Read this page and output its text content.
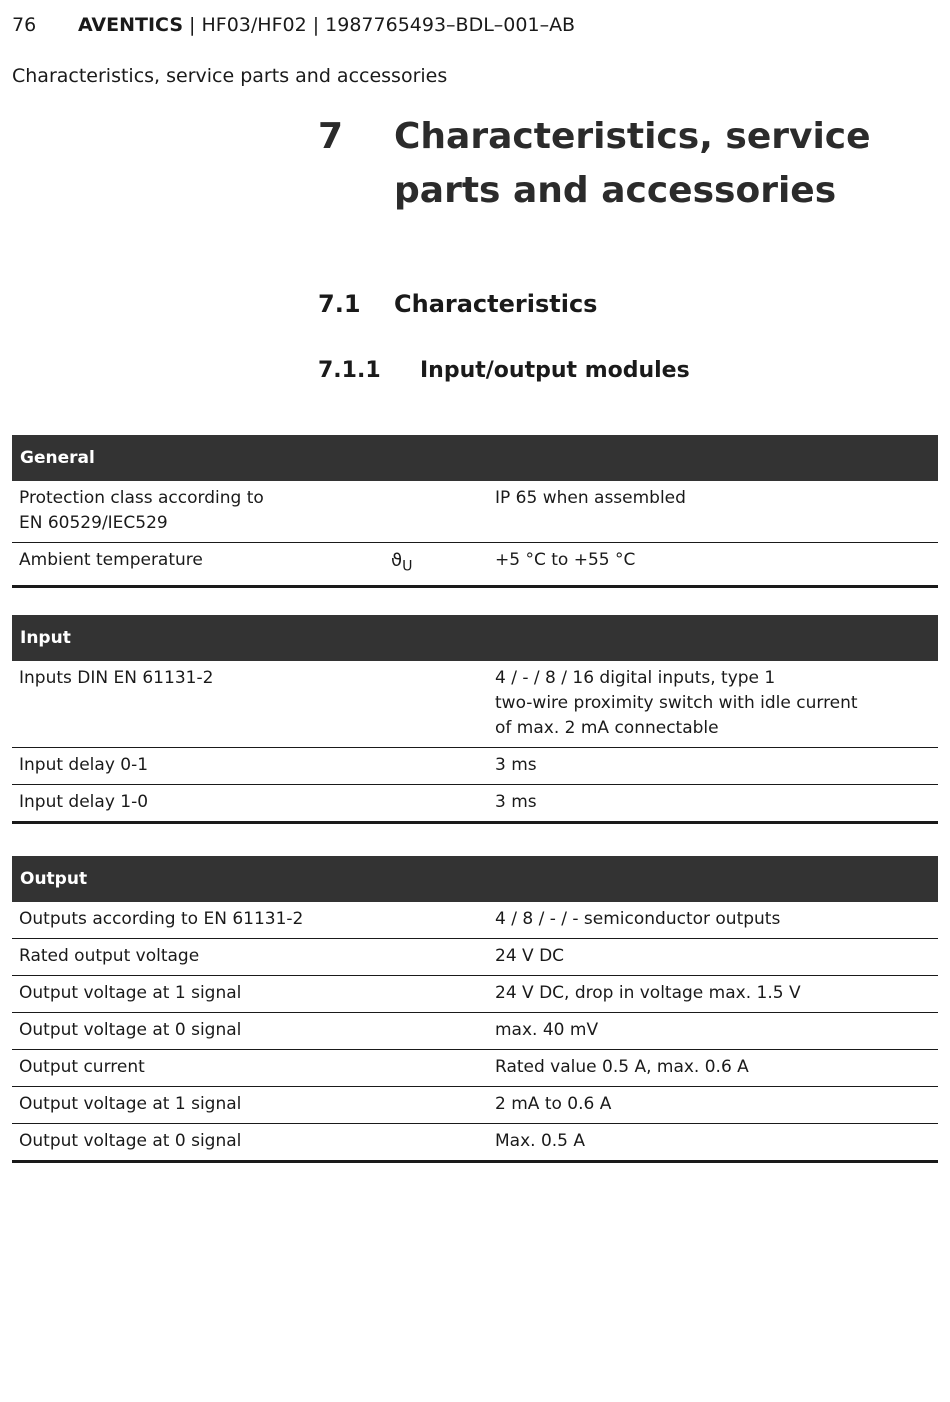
76 AVENTICS | HF03/HF02 | 1987765493–BDL–001–AB
Characteristics, service parts and accessories
7 Characteristics, service parts and accessories
7.1 Characteristics
7.1.1 Input/output modules
General		
Protection class according to
EN 60529/IEC529		IP 65 when assembled
Ambient temperature	$ϑ_U$	+5 °C to +55 °C
Input		
Inputs DIN EN 61131-2		4 / - / 8 / 16 digital inputs, type 1
two-wire proximity switch with idle current
of max. 2 mA connectable
Input delay 0-1		3 ms
Input delay 1-0		3 ms
Output		
Outputs according to EN 61131-2		4 / 8 / - / - semiconductor outputs
Rated output voltage		24 V DC
Output voltage at 1 signal		24 V DC, drop in voltage max. 1.5 V
Output voltage at 0 signal		max. 40 mV
Output current		Rated value 0.5 A, max. 0.6 A
Output voltage at 1 signal		2 mA to 0.6 A
Output voltage at 0 signal		Max. 0.5 A
